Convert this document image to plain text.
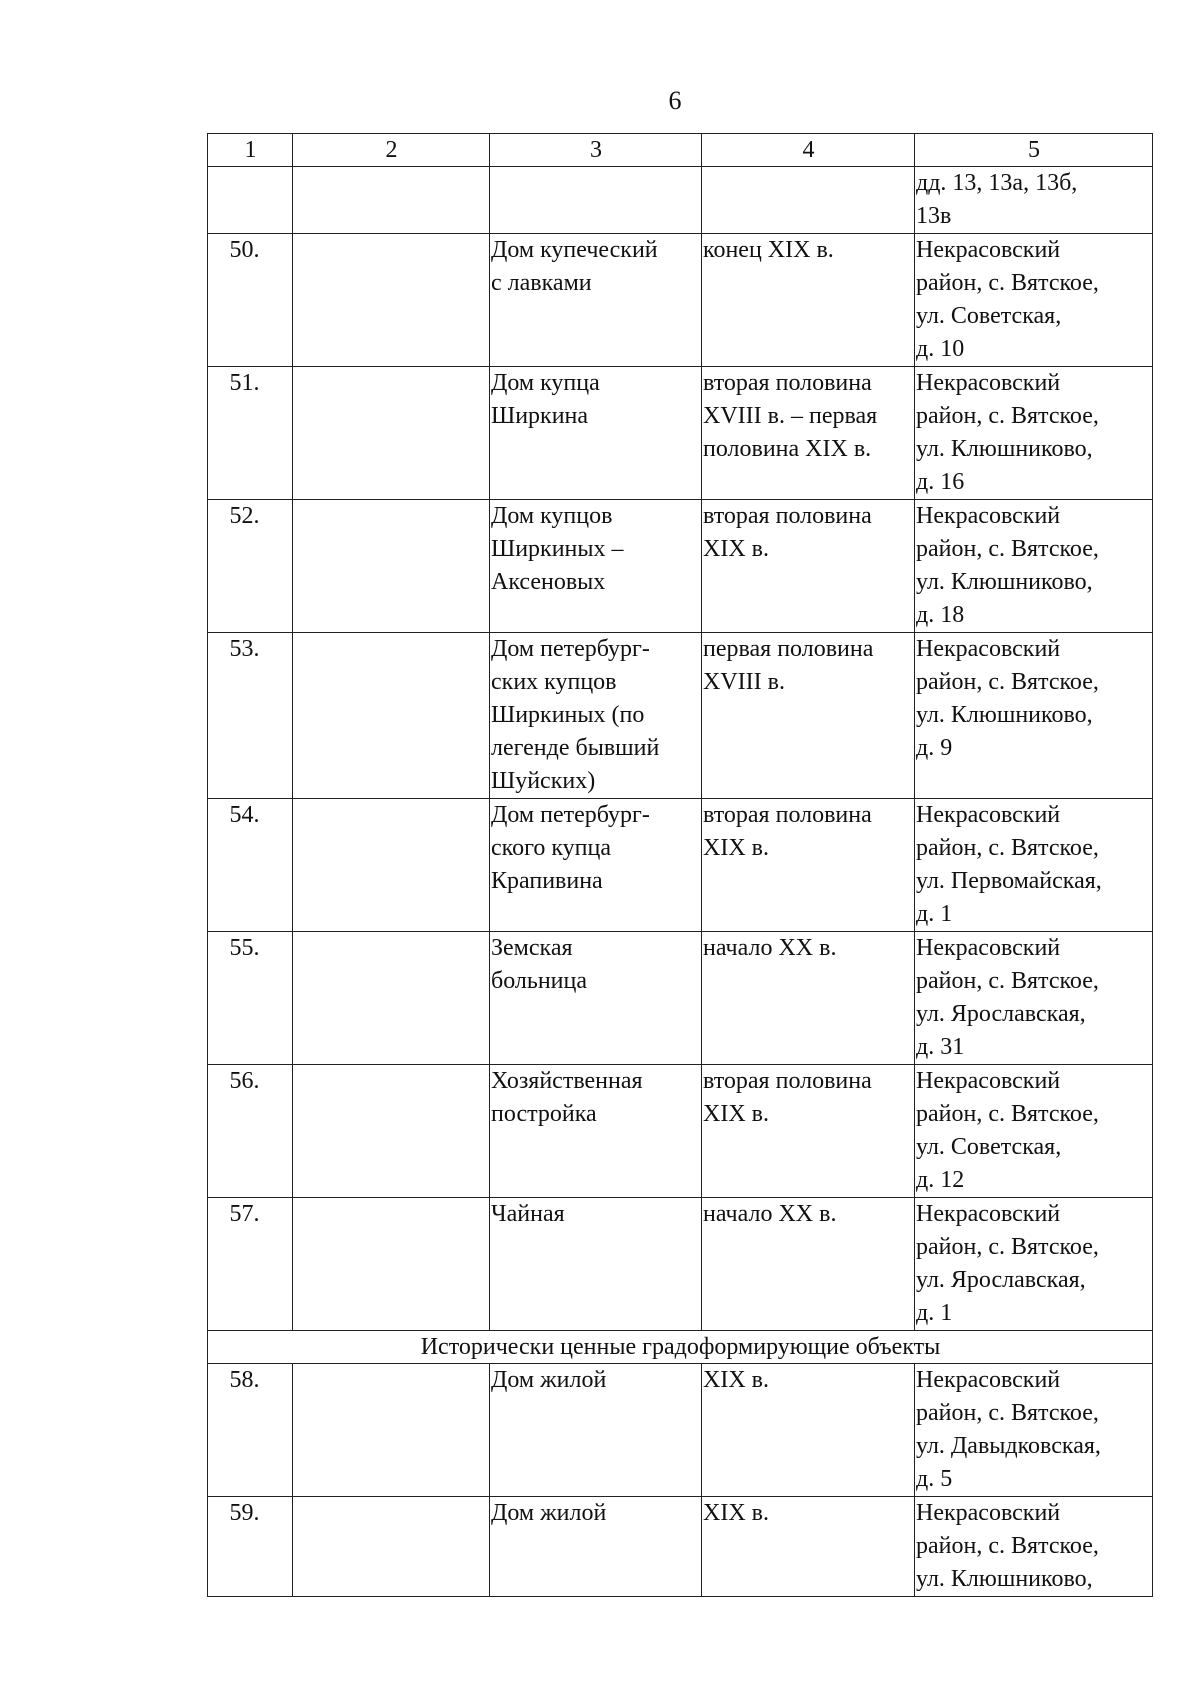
6
1	2	3	4	5
				дд. 13, 13а, 13б,
13в
50.		Дом купеческий
с лавками	конец XIX в.	Некрасовский
район, с. Вятское,
ул. Советская,
д. 10
51.		Дом купца
Ширкина	вторая половина
XVIII в. – первая
половина XIX в.	Некрасовский
район, с. Вятское,
ул. Клюшниково,
д. 16
52.		Дом купцов
Ширкиных –
Аксеновых	вторая половина
XIX в.	Некрасовский
район, с. Вятское,
ул. Клюшниково,
д. 18
53.		Дом петербург-
ских купцов
Ширкиных (по
легенде бывший
Шуйских)	первая половина
XVIII в.	Некрасовский
район, с. Вятское,
ул. Клюшниково,
д. 9
54.		Дом петербург-
ского купца
Крапивина	вторая половина
XIX в.	Некрасовский
район, с. Вятское,
ул. Первомайская,
д. 1
55.		Земская
больница	начало XX в.	Некрасовский
район, с. Вятское,
ул. Ярославская,
д. 31
56.		Хозяйственная
постройка	вторая половина
XIX в.	Некрасовский
район, с. Вятское,
ул. Советская,
д. 12
57.		Чайная	начало XX в.	Некрасовский
район, с. Вятское,
ул. Ярославская,
д. 1
Исторически ценные градоформирующие объекты				
58.		Дом жилой	XIX в.	Некрасовский
район, с. Вятское,
ул. Давыдковская,
д. 5
59.		Дом жилой	XIX в.	Некрасовский
район, с. Вятское,
ул. Клюшниково,
